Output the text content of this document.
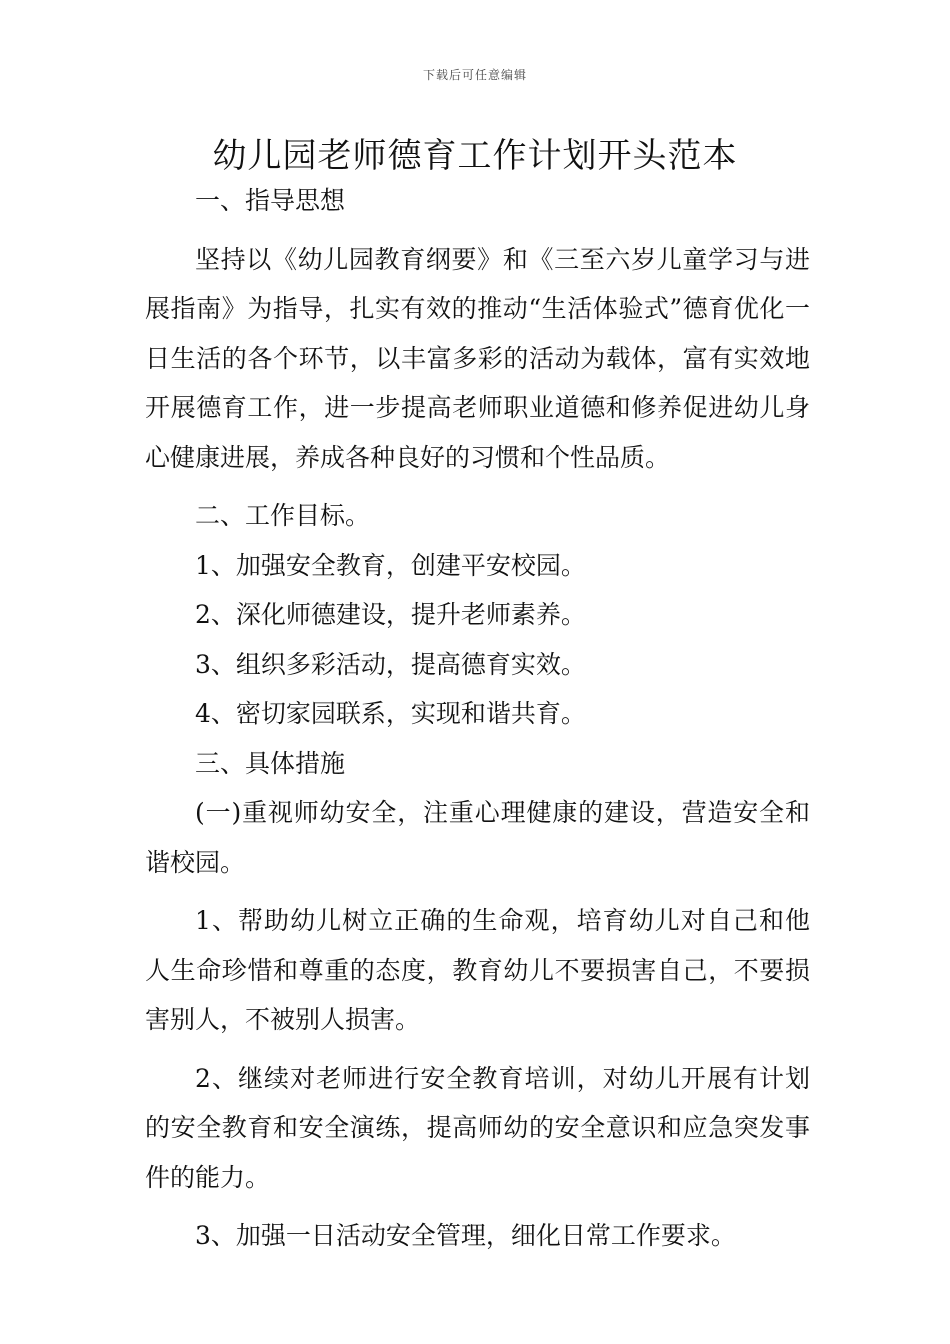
下载后可任意编辑
幼儿园老师德育工作计划开头范本

一、指导思想

坚持以《幼儿园教育纲要》和《三至六岁儿童学习与进展指南》为指导，扎实有效的推动“生活体验式”德育优化一日生活的各个环节，以丰富多彩的活动为载体，富有实效地开展德育工作，进一步提高老师职业道德和修养促进幼儿身心健康进展，养成各种良好的习惯和个性品质。

二、工作目标。

1、加强安全教育，创建平安校园。

2、深化师德建设，提升老师素养。

3、组织多彩活动，提高德育实效。

4、密切家园联系，实现和谐共育。

三、具体措施

(一)重视师幼安全，注重心理健康的建设，营造安全和谐校园。

1、帮助幼儿树立正确的生命观，培育幼儿对自己和他人生命珍惜和尊重的态度，教育幼儿不要损害自己，不要损害别人，不被别人损害。

2、继续对老师进行安全教育培训，对幼儿开展有计划的安全教育和安全演练，提高师幼的安全意识和应急突发事件的能力。

3、加强一日活动安全管理，细化日常工作要求。
